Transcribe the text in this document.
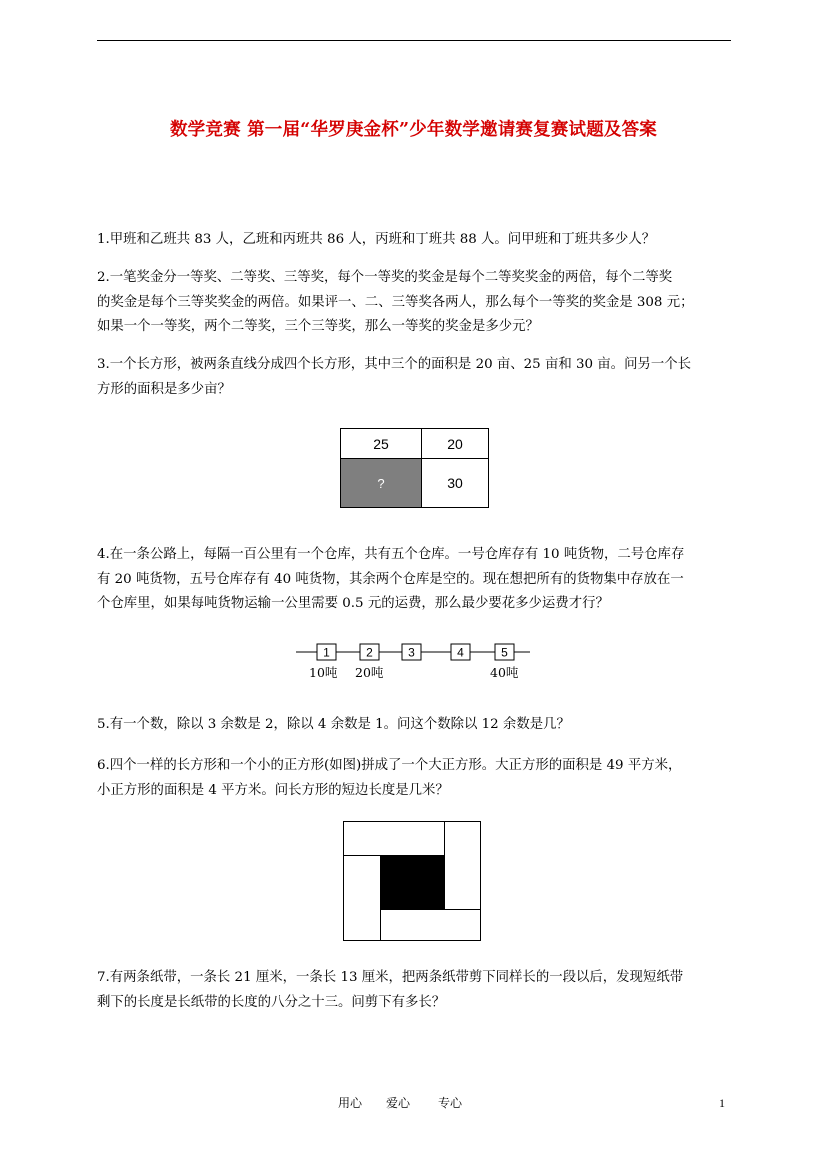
数学竞赛 第一届“华罗庚金杯”少年数学邀请赛复赛试题及答案
1.甲班和乙班共 83 人，乙班和丙班共 86 人，丙班和丁班共 88 人。问甲班和丁班共多少人？
2.一笔奖金分一等奖、二等奖、三等奖，每个一等奖的奖金是每个二等奖奖金的两倍，每个二等奖
的奖金是每个三等奖奖金的两倍。如果评一、二、三等奖各两人，那么每个一等奖的奖金是 308 元；
如果一个一等奖，两个二等奖，三个三等奖，那么一等奖的奖金是多少元？
3.一个长方形，被两条直线分成四个长方形，其中三个的面积是 20 亩、25 亩和 30 亩。问另一个长
方形的面积是多少亩？
25	20
?	30
4.在一条公路上，每隔一百公里有一个仓库，共有五个仓库。一号仓库存有 10 吨货物，二号仓库存
有 20 吨货物，五号仓库存有 40 吨货物，其余两个仓库是空的。现在想把所有的货物集中存放在一
个仓库里，如果每吨货物运输一公里需要 0.5 元的运费，那么最少要花多少运费才行？
1	2	3	4	5
10吨 20吨	40吨
5.有一个数，除以 3 余数是 2，除以 4 余数是 1。问这个数除以 12 余数是几？
6.四个一样的长方形和一个小的正方形(如图)拼成了一个大正方形。大正方形的面积是 49 平方米，
小正方形的面积是 4 平方米。问长方形的短边长度是几米？
7.有两条纸带，一条长 21 厘米，一条长 13 厘米，把两条纸带剪下同样长的一段以后，发现短纸带
剩下的长度是长纸带的长度的八分之十三。问剪下有多长？
用心 爱心 专心	1
